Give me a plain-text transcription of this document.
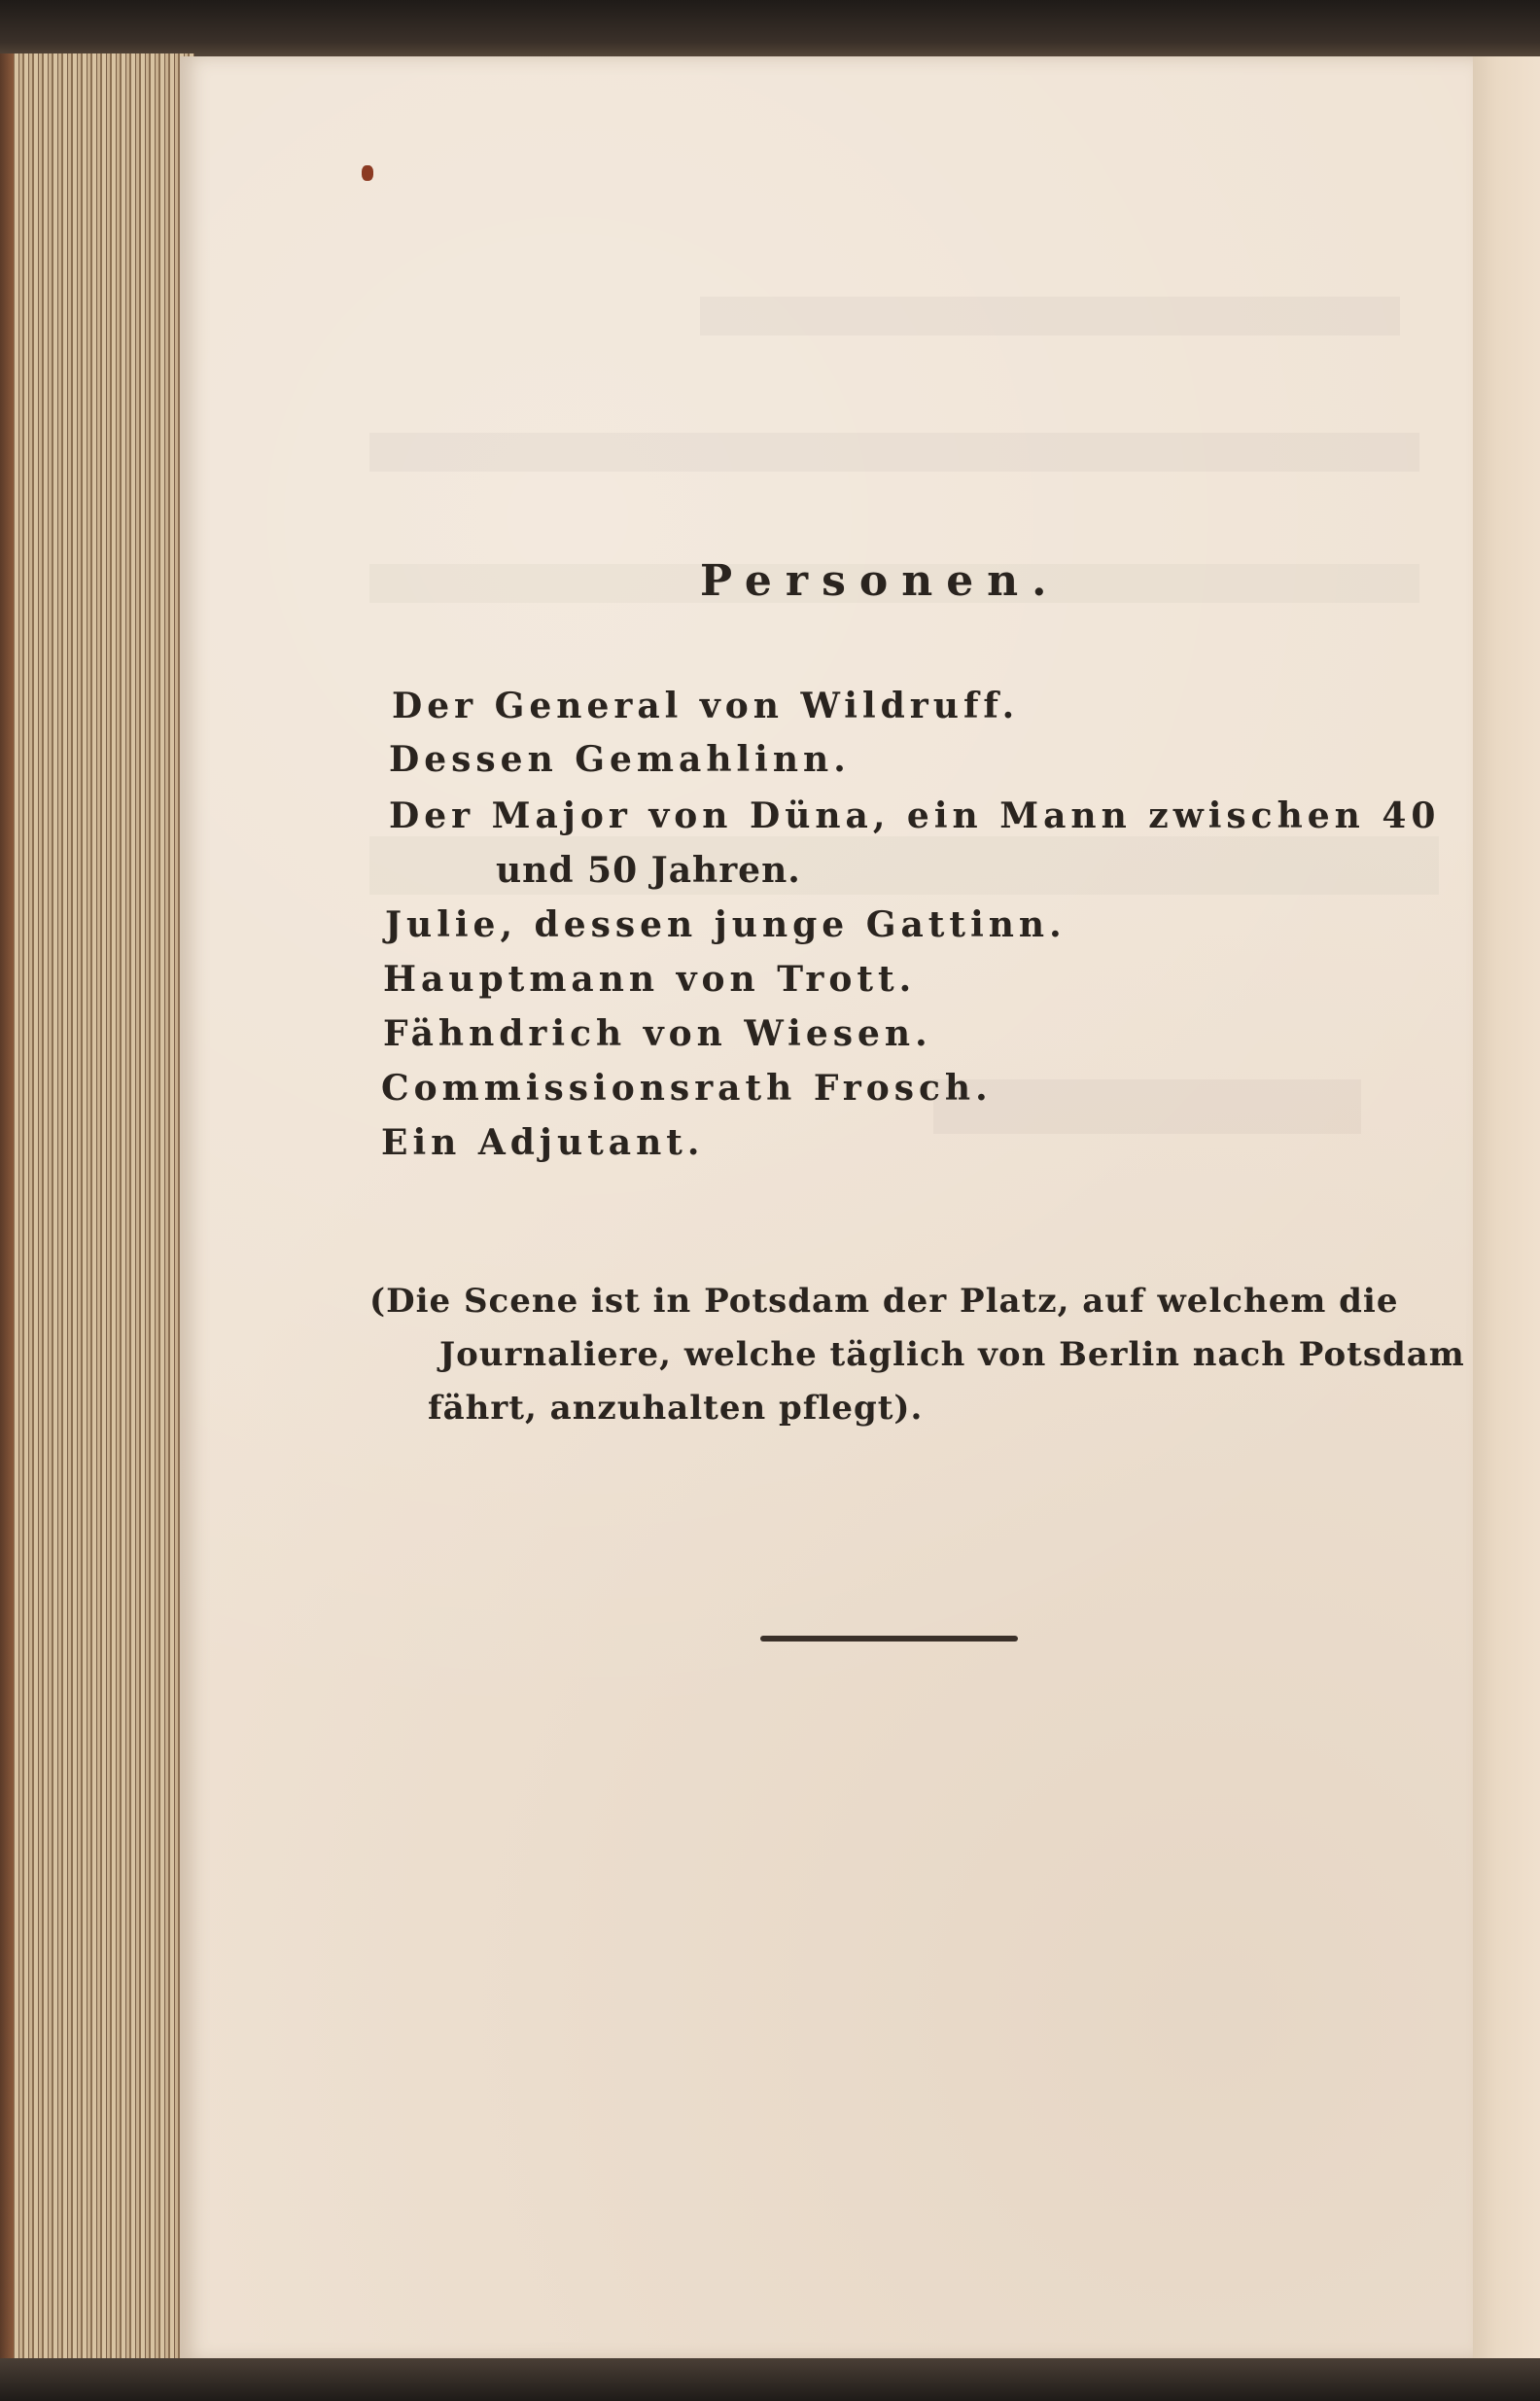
Personen.
Der General von Wildruff.
Dessen Gemahlinn.
Der Major von Düna, ein Mann zwischen 40
und 50 Jahren.
Julie, dessen junge Gattinn.
Hauptmann von Trott.
Fähndrich von Wiesen.
Commissionsrath Frosch.
Ein Adjutant.
(Die Scene ist in Potsdam der Platz, auf welchem die
Journaliere, welche täglich von Berlin nach Potsdam
fährt, anzuhalten pflegt).
